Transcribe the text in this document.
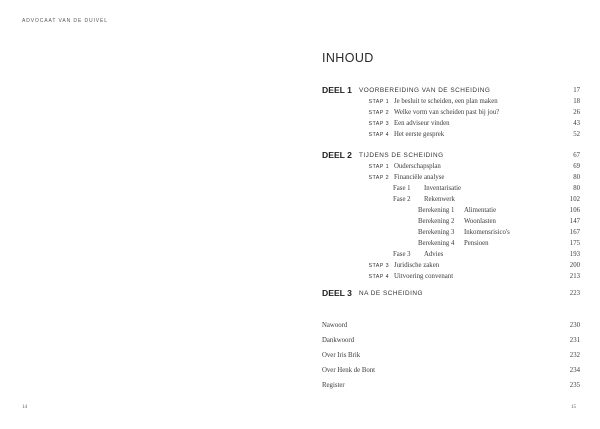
ADVOCAAT VAN DE DUIVEL
14	15
INHOUD
DEEL 1 VOORBEREIDING VAN DE SCHEIDING	17
STAP 1 Je besluit te scheiden, een plan maken	18
STAP 2 Welke vorm van scheiden past bij jou?	26
STAP 3 Een adviseur vinden	43
STAP 4 Het eerste gesprek	52
DEEL 2 TIJDENS DE SCHEIDING	67
STAP 1 Ouderschapsplan	69
STAP 2 Financiële analyse	80
Fase 1 Inventarisatie	80
Fase 2 Rekenwerk	102
Berekening 1 Alimentatie	106
Berekening 2 Woonlasten	147
Berekening 3 Inkomensrisico's	167
Berekening 4 Pensioen	175
Fase 3 Advies	193
STAP 3 Juridische zaken	200
STAP 4 Uitvoering convenant	213
DEEL 3 NA DE SCHEIDING	223
Nawoord	230
Dankwoord	231
Over Iris Brik	232
Over Henk de Bont	234
Register	235
